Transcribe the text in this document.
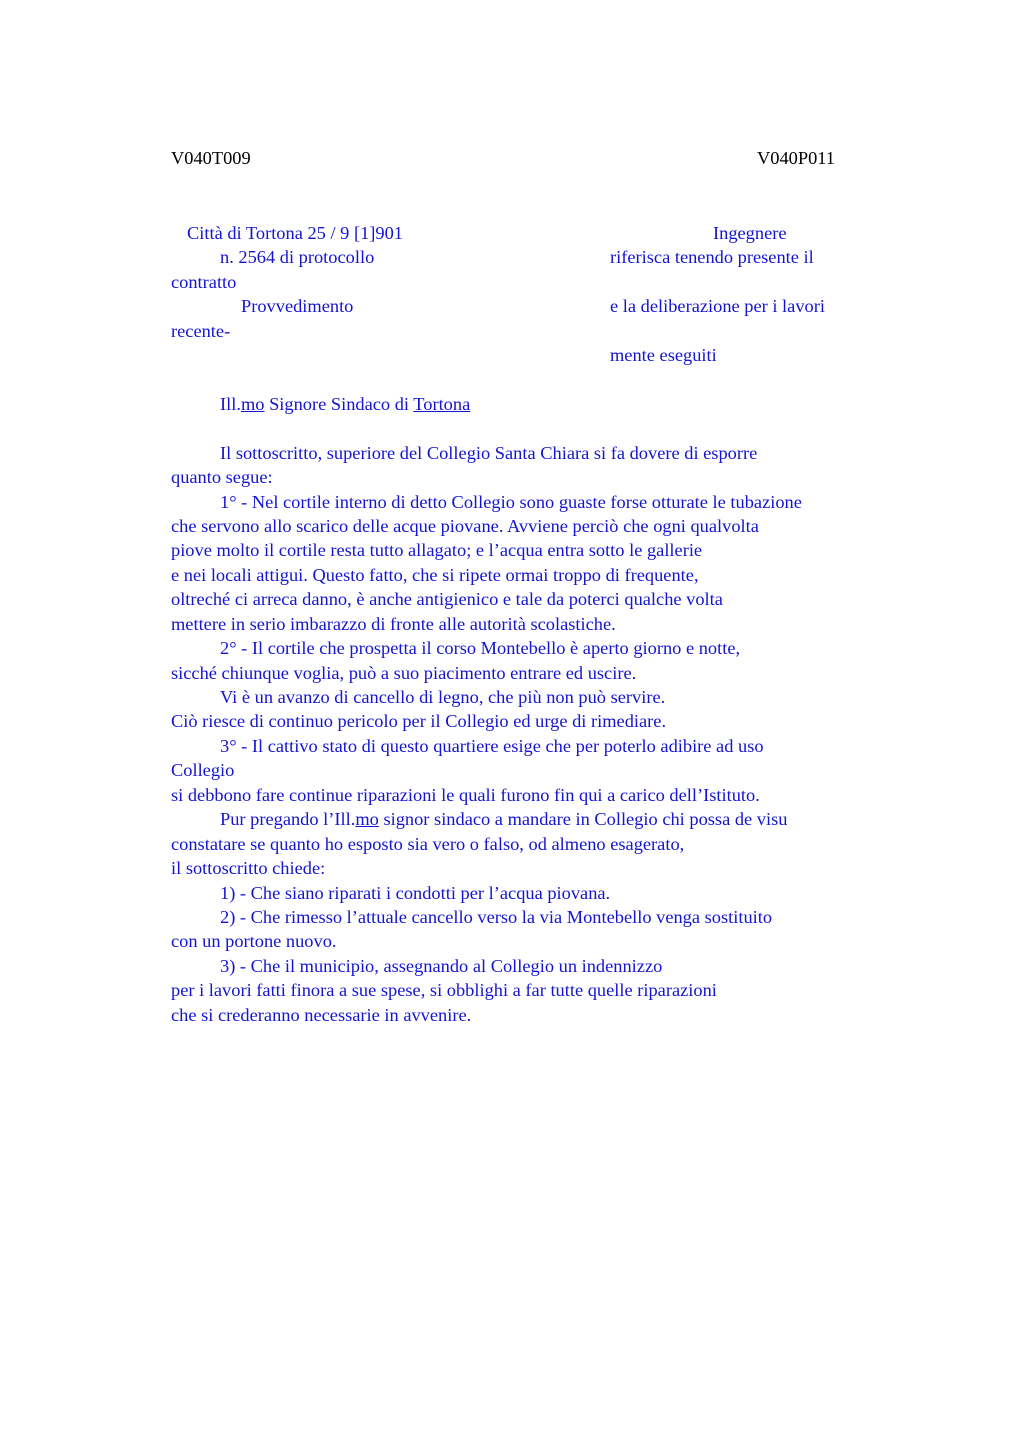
V040T009	V040P011
Città di Tortona 25 / 9 [1]901
n. 2564 di protocollo
contratto
Provvedimento
recente-
Ingegnere
riferisca tenendo presente il
e la deliberazione per i lavori
mente eseguiti
Ill.mo Signore Sindaco di Tortona
Il sottoscritto, superiore del Collegio Santa Chiara si fa dovere di esporre
quanto segue:
1° - Nel cortile interno di detto Collegio sono guaste forse otturate le tubazione
che servono allo scarico delle acque piovane. Avviene perciò che ogni qualvolta
piove molto il cortile resta tutto allagato; e l’acqua entra sotto le gallerie
e nei locali attigui. Questo fatto, che si ripete ormai troppo di frequente,
oltreché ci arreca danno, è anche antigienico e tale da poterci qualche volta
mettere in serio imbarazzo di fronte alle autorità scolastiche.
2° - Il cortile che prospetta il corso Montebello è aperto giorno e notte,
sicché chiunque voglia, può a suo piacimento entrare ed uscire.
Vi è un avanzo di cancello di legno, che più non può servire.
Ciò riesce di continuo pericolo per il Collegio ed urge di rimediare.
3° - Il cattivo stato di questo quartiere esige che per poterlo adibire ad uso
Collegio
si debbono fare continue riparazioni le quali furono fin qui a carico dell’Istituto.
Pur pregando l’Ill.mo signor sindaco a mandare in Collegio chi possa de visu
constatare se quanto ho esposto sia vero o falso, od almeno esagerato,
il sottoscritto chiede:
1) - Che siano riparati i condotti per l’acqua piovana.
2) - Che rimesso l’attuale cancello verso la via Montebello venga sostituito
con un portone nuovo.
3) - Che il municipio, assegnando al Collegio un indennizzo
per i lavori fatti finora a sue spese, si obblighi a far tutte quelle riparazioni
che si crederanno necessarie in avvenire.
